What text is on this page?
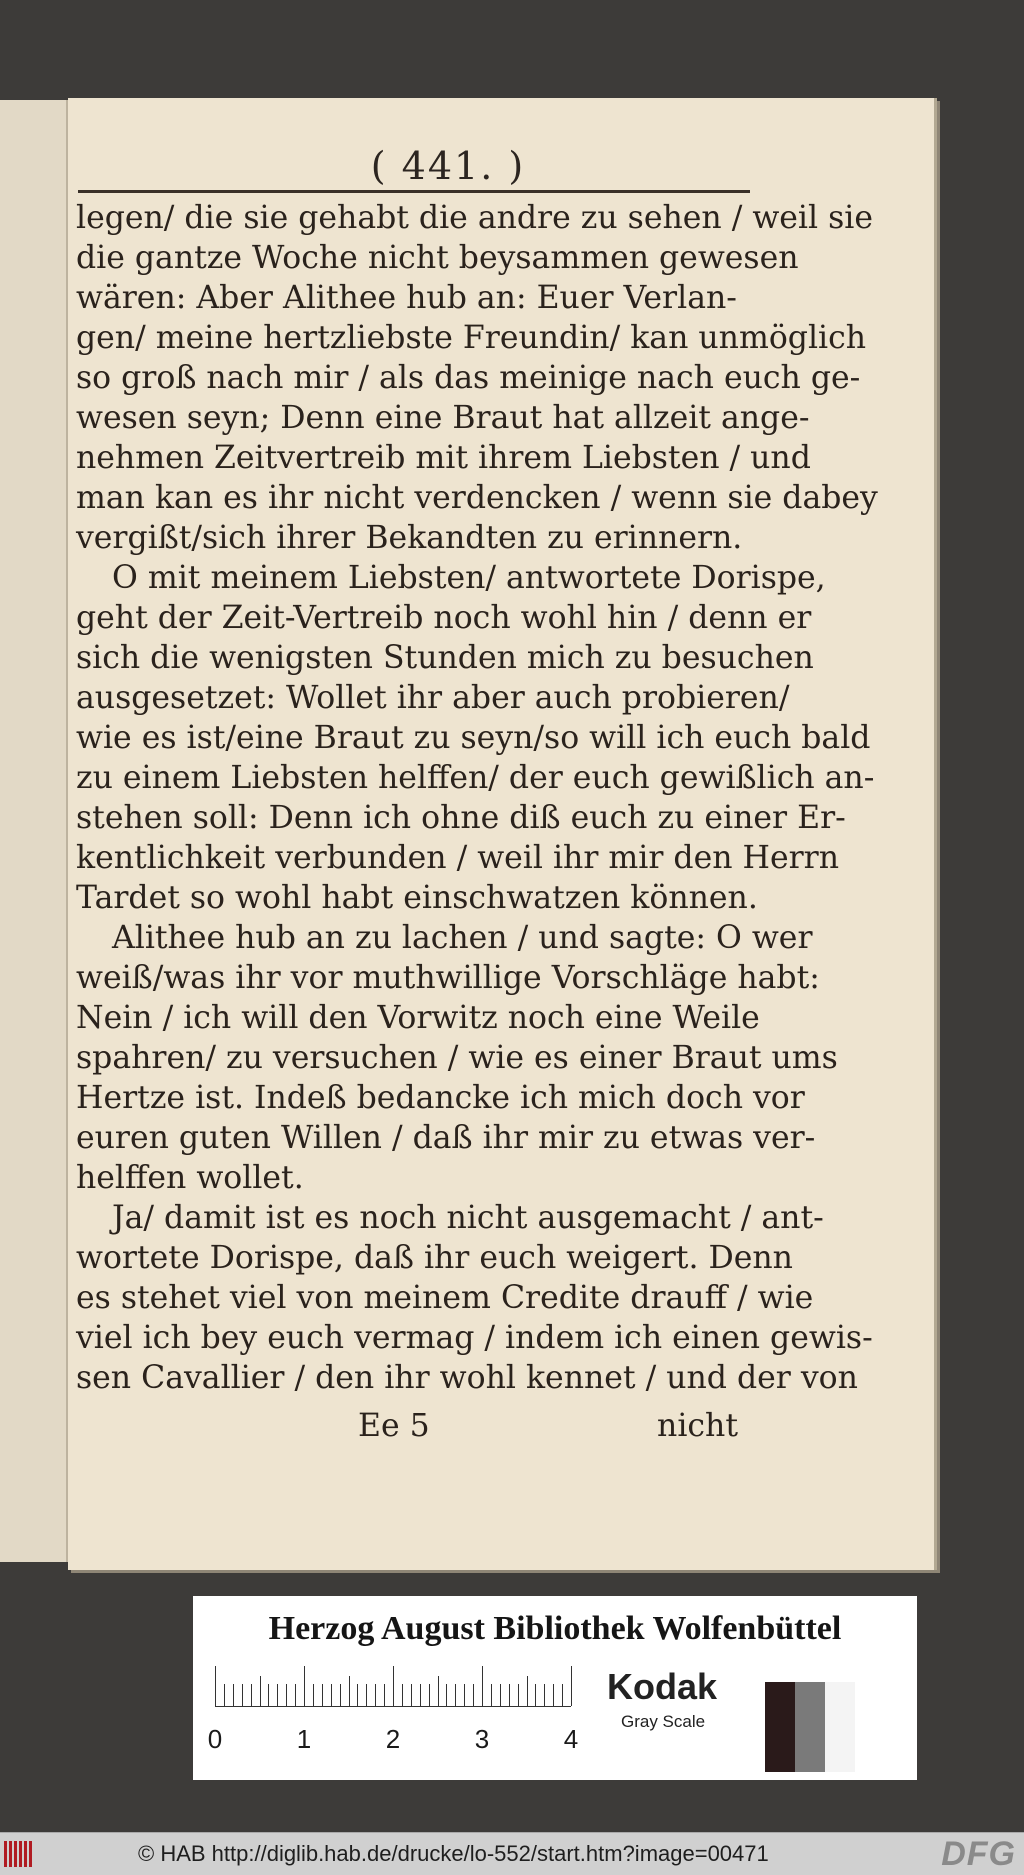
( 441. )
legen/ die sie gehabt die andre zu sehen / weil sie
die gantze Woche nicht beysammen gewesen
wären: Aber Alithee hub an: Euer Verlan-
gen/ meine hertzliebste Freundin/ kan unmöglich
so groß nach mir / als das meinige nach euch ge-
wesen seyn; Denn eine Braut hat allzeit ange-
nehmen Zeitvertreib mit ihrem Liebsten / und
man kan es ihr nicht verdencken / wenn sie dabey
vergißt/sich ihrer Bekandten zu erinnern.
O mit meinem Liebsten/ antwortete Dorispe,
geht der Zeit-Vertreib noch wohl hin / denn er
sich die wenigsten Stunden mich zu besuchen
ausgesetzet: Wollet ihr aber auch probieren/
wie es ist/eine Braut zu seyn/so will ich euch bald
zu einem Liebsten helffen/ der euch gewißlich an-
stehen soll: Denn ich ohne diß euch zu einer Er-
kentlichkeit verbunden / weil ihr mir den Herrn
Tardet so wohl habt einschwatzen können.
Alithee hub an zu lachen / und sagte: O wer
weiß/was ihr vor muthwillige Vorschläge habt:
Nein / ich will den Vorwitz noch eine Weile
spahren/ zu versuchen / wie es einer Braut ums
Hertze ist. Indeß bedancke ich mich doch vor
euren guten Willen / daß ihr mir zu etwas ver-
helffen wollet.
Ja/ damit ist es noch nicht ausgemacht / ant-
wortete Dorispe, daß ihr euch weigert. Denn
es stehet viel von meinem Credite drauff / wie
viel ich bey euch vermag / indem ich einen gewis-
sen Cavallier / den ihr wohl kennet / und der von
Ee 5	nicht
Herzog August Bibliothek Wolfenbüttel
0	1	2	3	4
Kodak
Gray Scale
© HAB http://diglib.hab.de/drucke/lo-552/start.htm?image=00471	DFG
